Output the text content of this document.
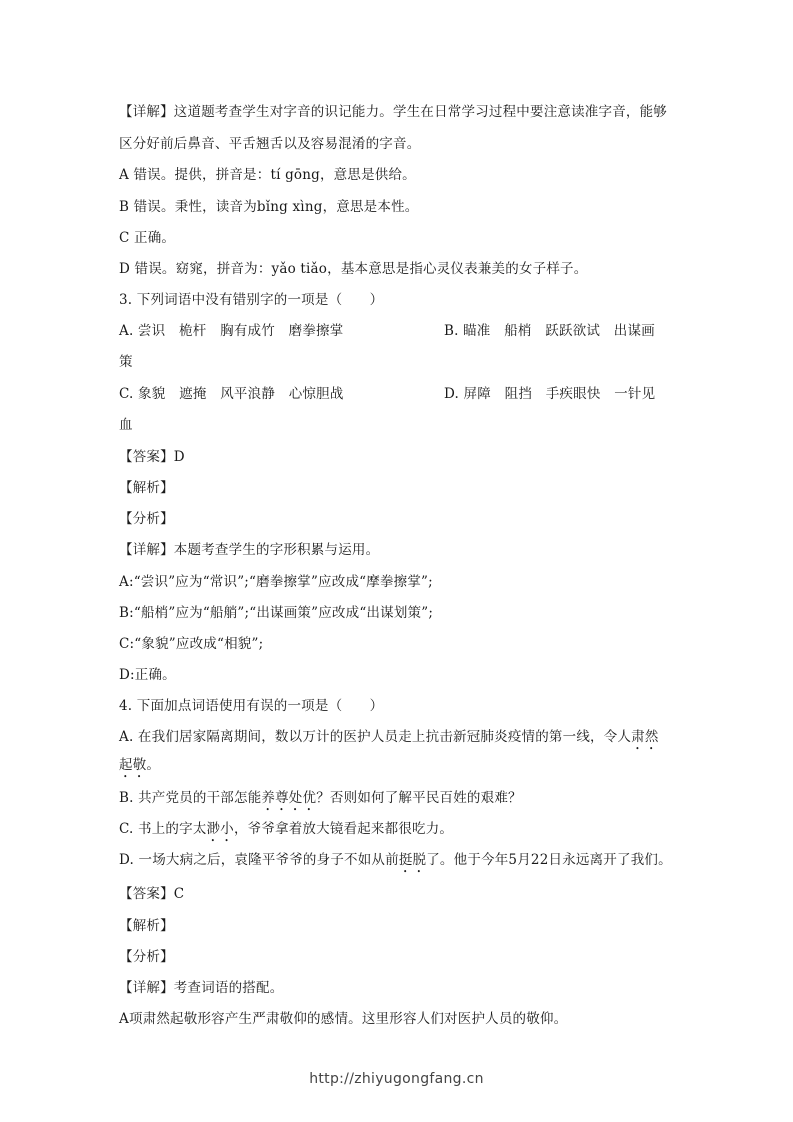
【详解】这道题考查学生对字音的识记能力。学生在日常学习过程中要注意读准字音，能够
区分好前后鼻音、平舌翘舌以及容易混淆的字音。
A 错误。提供，拼音是：tí gōng，意思是供给。
B 错误。秉性，读音为bǐng xìng，意思是本性。
C 正确。
D 错误。窈窕，拼音为：yǎo tiǎo，基本意思是指心灵仪表兼美的女子样子。
3. 下列词语中没有错别字的一项是（　　）
A. 尝识　桅杆　胸有成竹　磨拳擦掌	B. 瞄准　船梢　跃跃欲试　出谋画
策
C. 象貌　遮掩　风平浪静　心惊胆战	D. 屏障　阻挡　手疾眼快　一针见
血
【答案】D
【解析】
【分析】
【详解】本题考查学生的字形积累与运用。
A:“尝识”应为“常识”;“磨拳擦掌”应改成“摩拳擦掌”;
B:“船梢”应为“船艄”;“出谋画策”应改成“出谋划策”;
C:“象貌”应改成“相貌”;
D:正确。
4. 下面加点词语使用有误的一项是（　　）
A. 在我们居家隔离期间，数以万计的医护人员走上抗击新冠肺炎疫情的第一线，令人肃然
起敬。
B. 共产党员的干部怎能养尊处优？否则如何了解平民百姓的艰难？
C. 书上的字太渺小，爷爷拿着放大镜看起来都很吃力。
D. 一场大病之后，袁隆平爷爷的身子不如从前挺脱了。他于今年5月22日永远离开了我们。
【答案】C
【解析】
【分析】
【详解】考查词语的搭配。
A项肃然起敬形容产生严肃敬仰的感情。这里形容人们对医护人员的敬仰。
http://zhiyugongfang.cn
